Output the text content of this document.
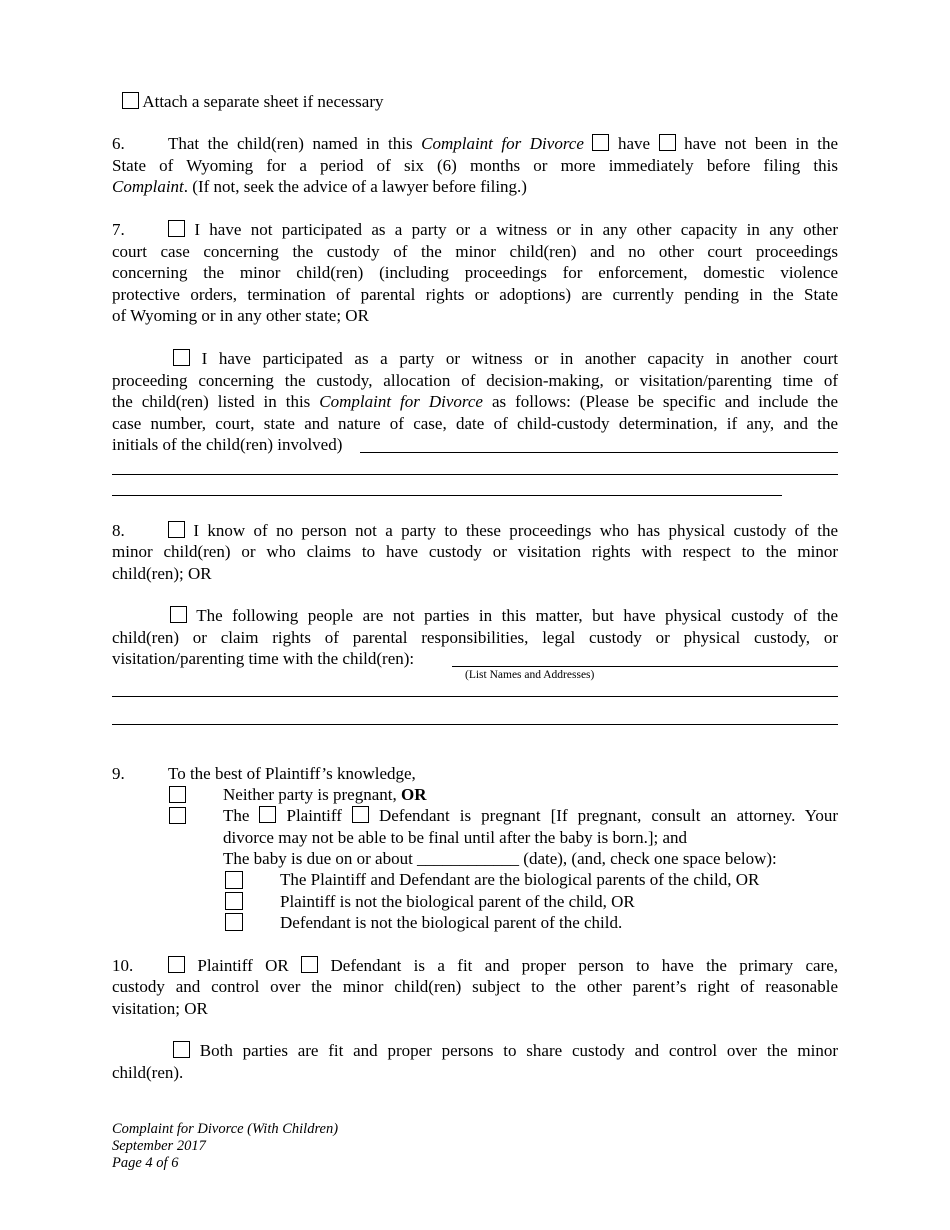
Attach a separate sheet if necessary
6.	That the child(ren) named in this Complaint for Divorce have have not been in the
State of Wyoming for a period of six (6) months or more immediately before filing this
Complaint. (If not, seek the advice of a lawyer before filing.)
7.	I have not participated as a party or a witness or in any other capacity in any other
court case concerning the custody of the minor child(ren) and no other court proceedings
concerning the minor child(ren) (including proceedings for enforcement, domestic violence
protective orders, termination of parental rights or adoptions) are currently pending in the State
of Wyoming or in any other state; OR
I have participated as a party or witness or in another capacity in another court
proceeding concerning the custody, allocation of decision-making, or visitation/parenting time of
the child(ren) listed in this Complaint for Divorce as follows: (Please be specific and include the
case number, court, state and nature of case, date of child-custody determination, if any, and the
initials of the child(ren) involved)
8.	I know of no person not a party to these proceedings who has physical custody of the
minor child(ren) or who claims to have custody or visitation rights with respect to the minor
child(ren); OR
The following people are not parties in this matter, but have physical custody of the
child(ren) or claim rights of parental responsibilities, legal custody or physical custody, or
visitation/parenting time with the child(ren):
(List Names and Addresses)
9.	To the best of Plaintiff’s knowledge,
Neither party is pregnant, OR
The Plaintiff Defendant is pregnant [If pregnant, consult an attorney. Your
divorce may not be able to be final until after the baby is born.]; and
The baby is due on or about ____________ (date), (and, check one space below):
The Plaintiff and Defendant are the biological parents of the child, OR
Plaintiff is not the biological parent of the child, OR
Defendant is not the biological parent of the child.
10.	Plaintiff OR Defendant is a fit and proper person to have the primary care,
custody and control over the minor child(ren) subject to the other parent’s right of reasonable
visitation; OR
Both parties are fit and proper persons to share custody and control over the minor
child(ren).
Complaint for Divorce (With Children)
September 2017
Page 4 of 6
